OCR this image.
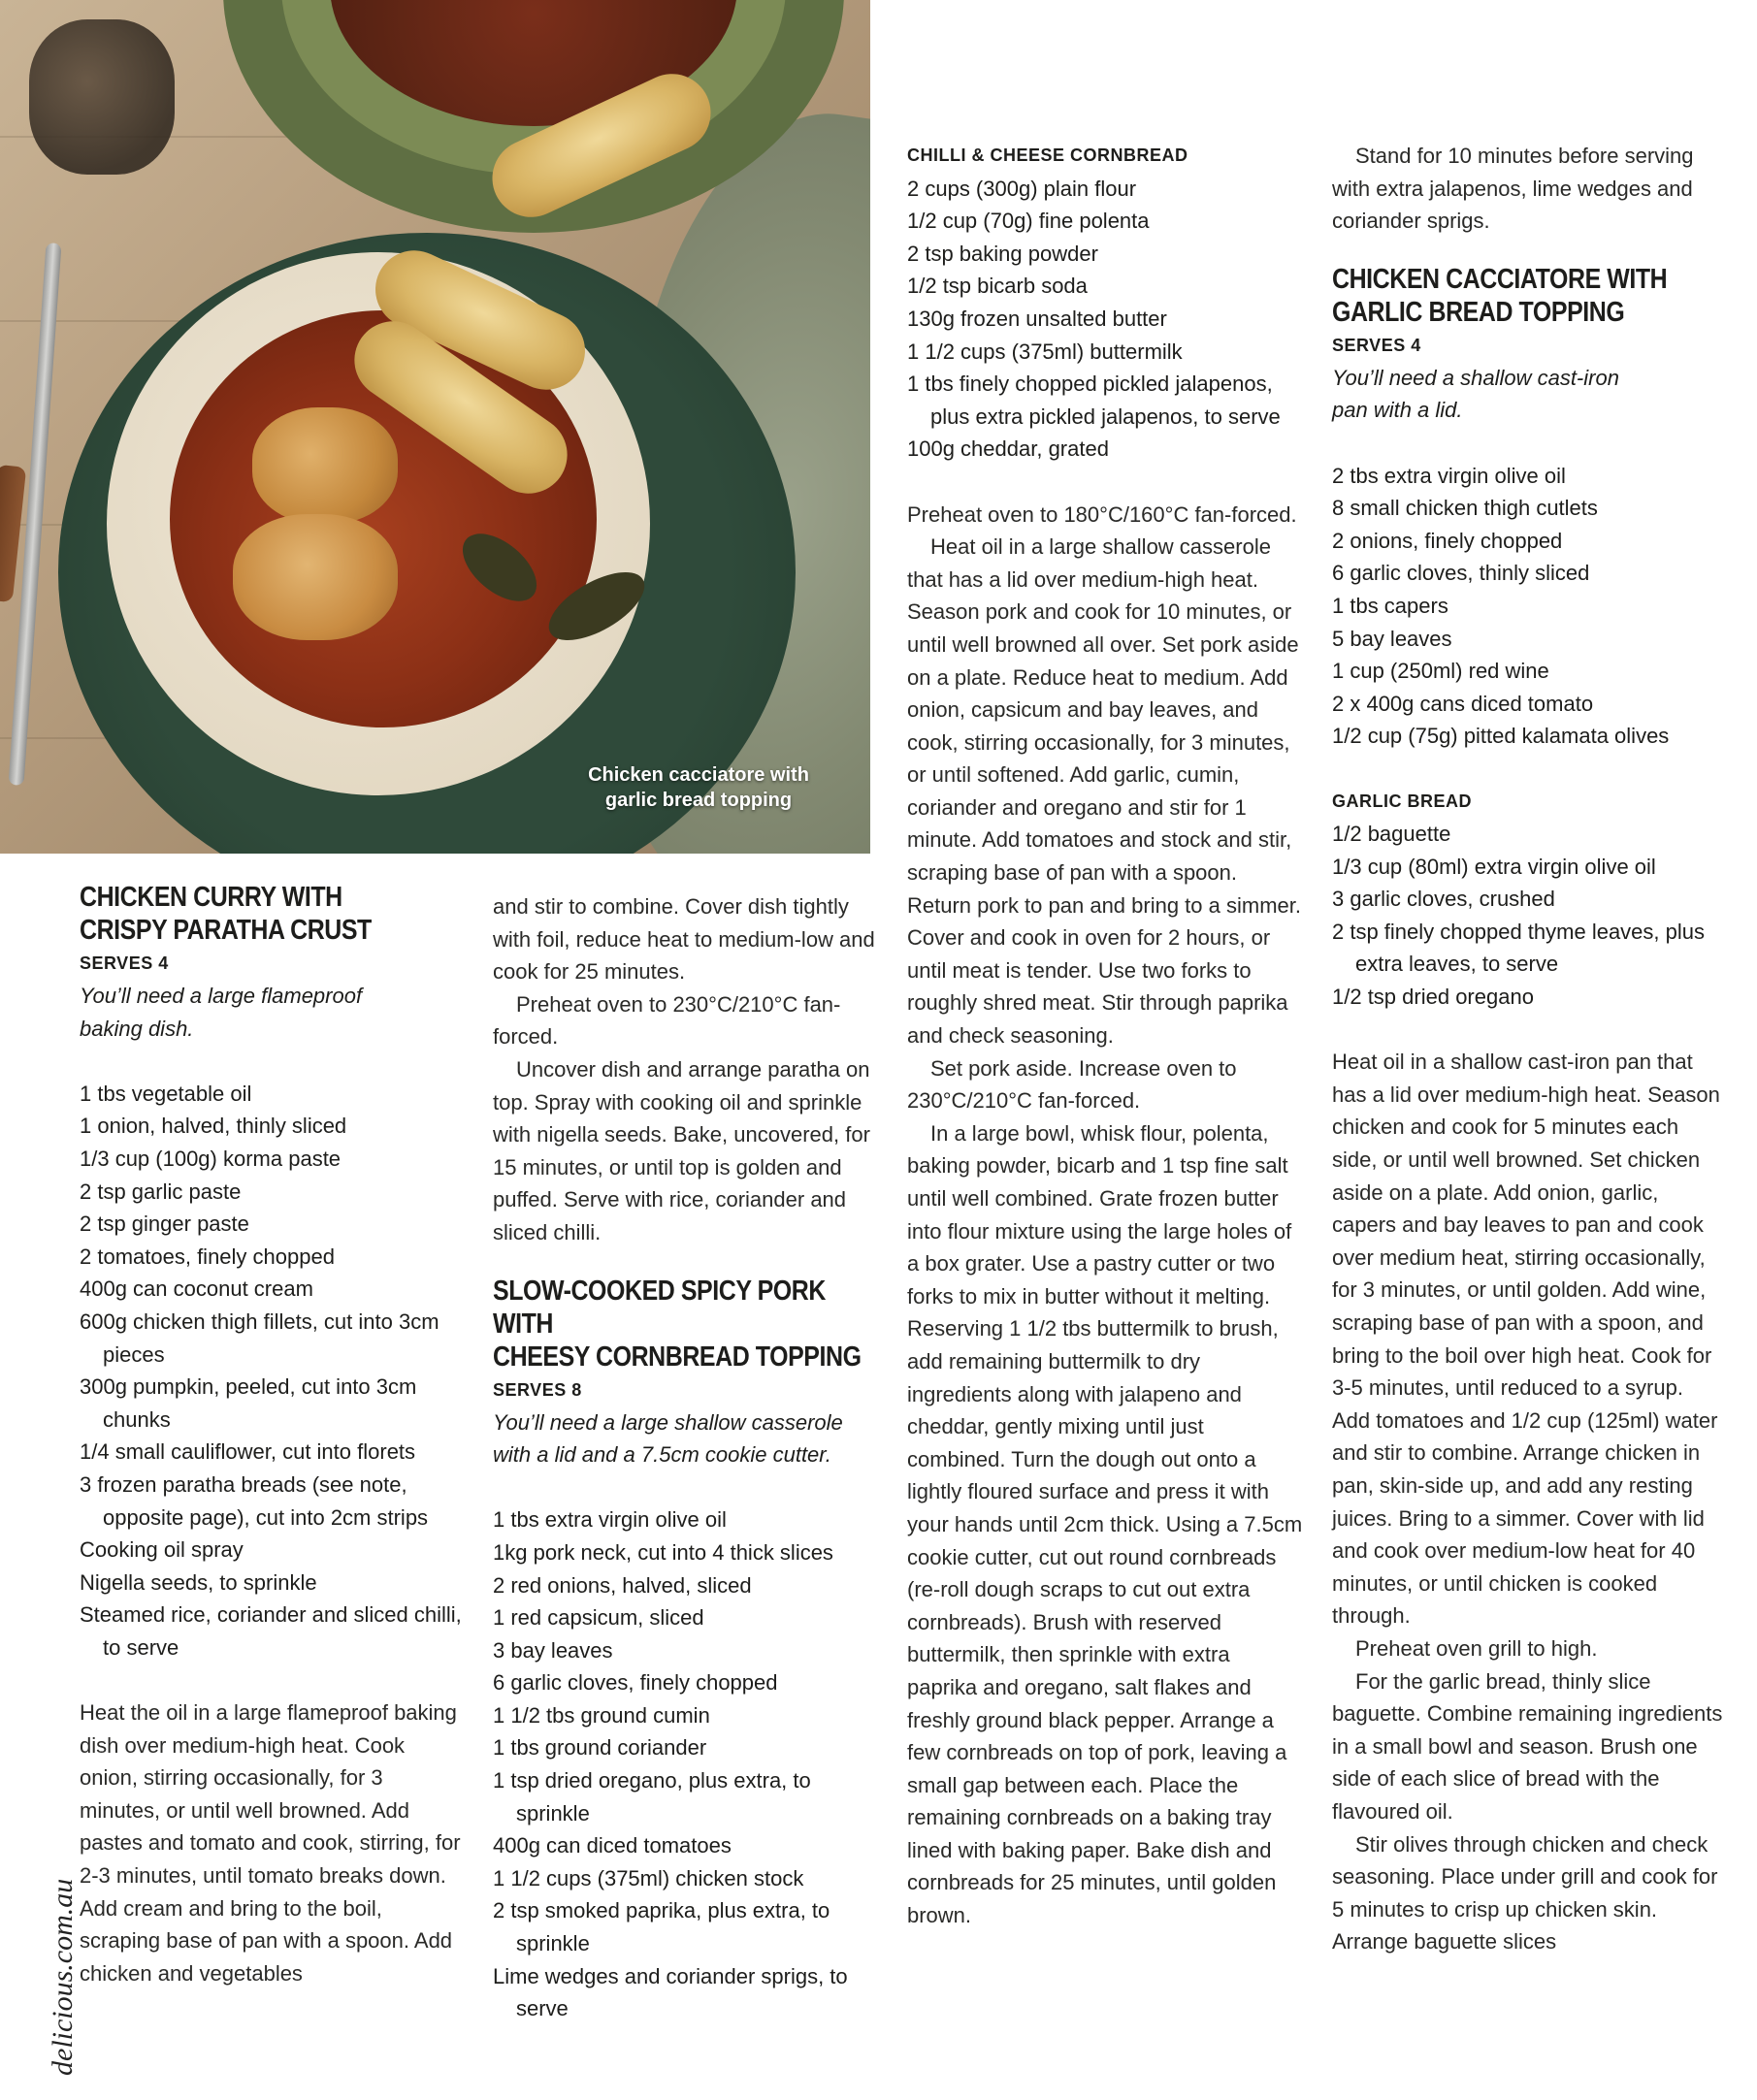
Chicken cacciatore with
garlic bread topping

CHICKEN CURRY WITH

CRISPY PARATHA CRUST

SERVES 4

You’ll need a large flameproof

baking dish.

1 tbs vegetable oil

1 onion, halved, thinly sliced

1/3 cup (100g) korma paste

2 tsp garlic paste

2 tsp ginger paste

2 tomatoes, finely chopped

400g can coconut cream

600g chicken thigh fillets, cut into 3cm pieces

300g pumpkin, peeled, cut into 3cm chunks

1/4 small cauliflower, cut into florets

3 frozen paratha breads (see note, opposite page), cut into 2cm strips

Cooking oil spray

Nigella seeds, to sprinkle

Steamed rice, coriander and sliced chilli, to serve

Heat the oil in a large flameproof baking dish over medium-high heat. Cook onion, stirring occasionally, for 3 minutes, or until well browned. Add pastes and tomato and cook, stirring, for 2-3 minutes, until tomato breaks down. Add cream and bring to the boil, scraping base of pan with a spoon. Add chicken and vegetables

and stir to combine. Cover dish tightly with foil, reduce heat to medium-low and cook for 25 minutes.

Preheat oven to 230°C/210°C fan-forced.

Uncover dish and arrange paratha on top. Spray with cooking oil and sprinkle with nigella seeds. Bake, uncovered, for 15 minutes, or until top is golden and puffed. Serve with rice, coriander and sliced chilli.

SLOW-COOKED SPICY PORK WITH

CHEESY CORNBREAD TOPPING

SERVES 8

You’ll need a large shallow casserole

with a lid and a 7.5cm cookie cutter.

1 tbs extra virgin olive oil

1kg pork neck, cut into 4 thick slices

2 red onions, halved, sliced

1 red capsicum, sliced

3 bay leaves

6 garlic cloves, finely chopped

1 1/2 tbs ground cumin

1 tbs ground coriander

1 tsp dried oregano, plus extra, to sprinkle

400g can diced tomatoes

1 1/2 cups (375ml) chicken stock

2 tsp smoked paprika, plus extra, to sprinkle

Lime wedges and coriander sprigs, to serve

CHILLI & CHEESE CORNBREAD

2 cups (300g) plain flour

1/2 cup (70g) fine polenta

2 tsp baking powder

1/2 tsp bicarb soda

130g frozen unsalted butter

1 1/2 cups (375ml) buttermilk

1 tbs finely chopped pickled jalapenos, plus extra pickled jalapenos, to serve

100g cheddar, grated

Preheat oven to 180°C/160°C fan-forced.

Heat oil in a large shallow casserole that has a lid over medium-high heat. Season pork and cook for 10 minutes, or until well browned all over. Set pork aside on a plate. Reduce heat to medium. Add onion, capsicum and bay leaves, and cook, stirring occasionally, for 3 minutes, or until softened. Add garlic, cumin, coriander and oregano and stir for 1 minute. Add tomatoes and stock and stir, scraping base of pan with a spoon. Return pork to pan and bring to a simmer. Cover and cook in oven for 2 hours, or until meat is tender. Use two forks to roughly shred meat. Stir through paprika and check seasoning.

Set pork aside. Increase oven to 230°C/210°C fan-forced.

In a large bowl, whisk flour, polenta, baking powder, bicarb and 1 tsp fine salt until well combined. Grate frozen butter into flour mixture using the large holes of a box grater. Use a pastry cutter or two forks to mix in butter without it melting. Reserving 1 1/2 tbs buttermilk to brush, add remaining buttermilk to dry ingredients along with jalapeno and cheddar, gently mixing until just combined. Turn the dough out onto a lightly floured surface and press it with your hands until 2cm thick. Using a 7.5cm cookie cutter, cut out round cornbreads (re-roll dough scraps to cut out extra cornbreads). Brush with reserved buttermilk, then sprinkle with extra paprika and oregano, salt flakes and freshly ground black pepper. Arrange a few cornbreads on top of pork, leaving a small gap between each. Place the remaining cornbreads on a baking tray lined with baking paper. Bake dish and cornbreads for 25 minutes, until golden brown.

Stand for 10 minutes before serving with extra jalapenos, lime wedges and coriander sprigs.

CHICKEN CACCIATORE WITH

GARLIC BREAD TOPPING

SERVES 4

You’ll need a shallow cast-iron

pan with a lid.

2 tbs extra virgin olive oil

8 small chicken thigh cutlets

2 onions, finely chopped

6 garlic cloves, thinly sliced

1 tbs capers

5 bay leaves

1 cup (250ml) red wine

2 x 400g cans diced tomato

1/2 cup (75g) pitted kalamata olives

GARLIC BREAD

1/2 baguette

1/3 cup (80ml) extra virgin olive oil

3 garlic cloves, crushed

2 tsp finely chopped thyme leaves, plus extra leaves, to serve

1/2 tsp dried oregano

Heat oil in a shallow cast-iron pan that has a lid over medium-high heat. Season chicken and cook for 5 minutes each side, or until well browned. Set chicken aside on a plate. Add onion, garlic, capers and bay leaves to pan and cook over medium heat, stirring occasionally, for 3 minutes, or until golden. Add wine, scraping base of pan with a spoon, and bring to the boil over high heat. Cook for 3-5 minutes, until reduced to a syrup. Add tomatoes and 1/2 cup (125ml) water and stir to combine. Arrange chicken in pan, skin-side up, and add any resting juices. Bring to a simmer. Cover with lid and cook over medium-low heat for 40 minutes, or until chicken is cooked through.

Preheat oven grill to high.

For the garlic bread, thinly slice baguette. Combine remaining ingredients in a small bowl and season. Brush one side of each slice of bread with the flavoured oil.

Stir olives through chicken and check seasoning. Place under grill and cook for 5 minutes to crisp up chicken skin. Arrange baguette slices

delicious.com.au
